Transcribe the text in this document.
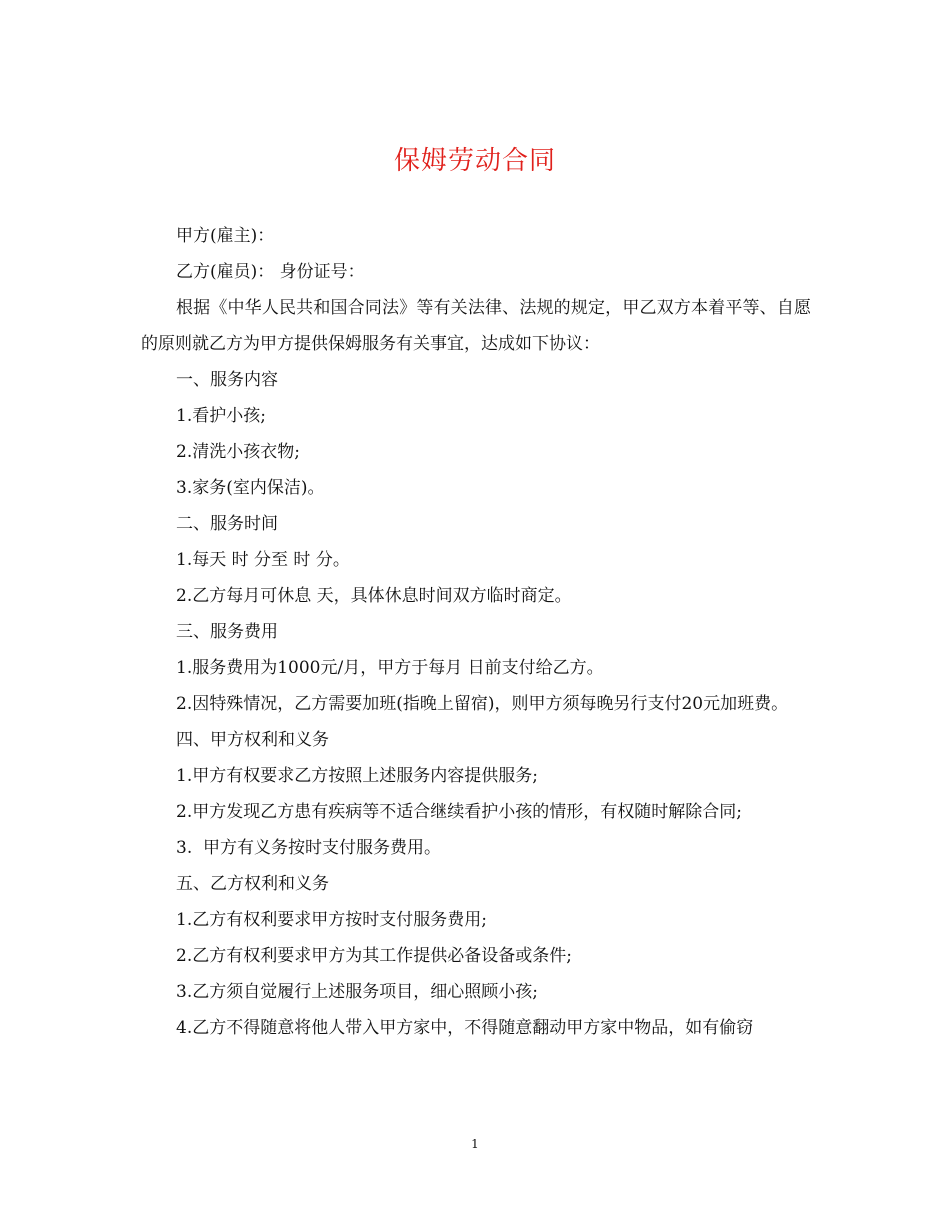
保姆劳动合同

甲方(雇主)：

乙方(雇员)： 身份证号：

根据《中华人民共和国合同法》等有关法律、法规的规定，甲乙双方本着平等、自愿的原则就乙方为甲方提供保姆服务有关事宜，达成如下协议：

一、服务内容

1.看护小孩;

2.清洗小孩衣物;

3.家务(室内保洁)。

二、服务时间

1.每天 时 分至 时 分。

2.乙方每月可休息 天，具体休息时间双方临时商定。

三、服务费用

1.服务费用为1000元/月，甲方于每月 日前支付给乙方。

2.因特殊情况，乙方需要加班(指晚上留宿)，则甲方须每晚另行支付20元加班费。

四、甲方权利和义务

1.甲方有权要求乙方按照上述服务内容提供服务;

2.甲方发现乙方患有疾病等不适合继续看护小孩的情形，有权随时解除合同;

3.  甲方有义务按时支付服务费用。

五、乙方权利和义务

1.乙方有权利要求甲方按时支付服务费用;

2.乙方有权利要求甲方为其工作提供必备设备或条件;

3.乙方须自觉履行上述服务项目，细心照顾小孩;

4.乙方不得随意将他人带入甲方家中，不得随意翻动甲方家中物品，如有偷窃

1
